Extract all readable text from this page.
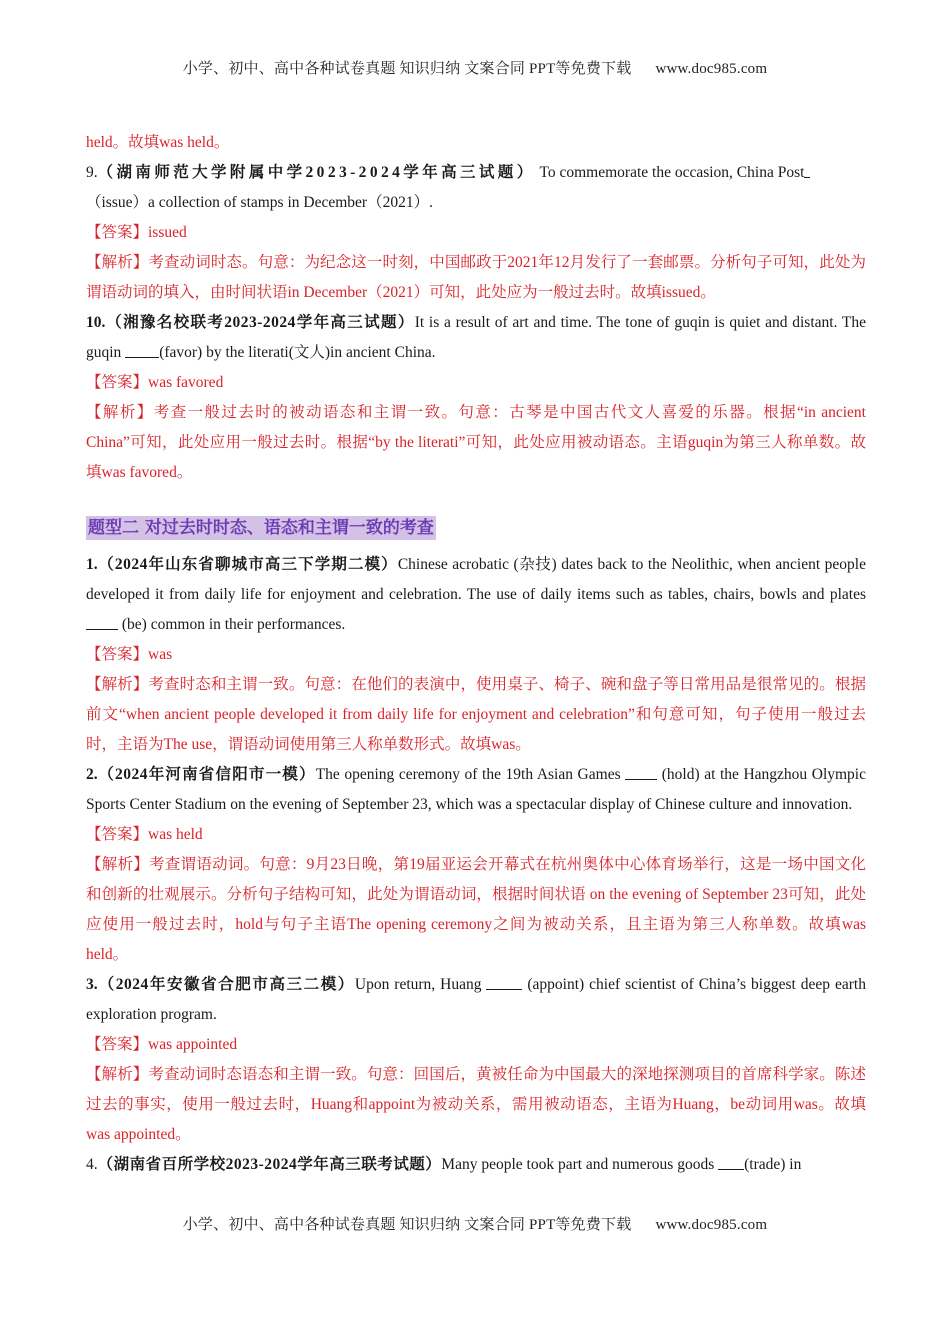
小学、初中、高中各种试卷真题 知识归纳 文案合同 PPT等免费下载 www.doc985.com

held。故填was held。

9.（湖南师范大学附属中学2023-2024学年高三试题） To commemorate the occasion, China Post
（issue）a collection of stamps in December（2021）.

【答案】issued

【解析】考查动词时态。句意：为纪念这一时刻，中国邮政于2021年12月发行了一套邮票。分析句子可知，此处为谓语动词的填入，由时间状语in December（2021）可知，此处应为一般过去时。故填issued。

10.（湘豫名校联考2023-2024学年高三试题）It is a result of art and time. The tone of guqin is quiet and distant. The guqin (favor) by the literati(文人)in ancient China.

【答案】was favored

【解析】考查一般过去时的被动语态和主谓一致。句意：古琴是中国古代文人喜爱的乐器。根据“in ancient China”可知，此处应用一般过去时。根据“by the literati”可知，此处应用被动语态。主语guqin为第三人称单数。故填was favored。

题型二 对过去时时态、语态和主谓一致的考查

1.（2024年山东省聊城市高三下学期二模）Chinese acrobatic (杂技) dates back to the Neolithic, when ancient people developed it from daily life for enjoyment and celebration. The use of daily items such as tables, chairs, bowls and plates  (be) common in their performances.

【答案】was

【解析】考查时态和主谓一致。句意：在他们的表演中，使用桌子、椅子、碗和盘子等日常用品是很常见的。根据前文“when ancient people developed it from daily life for enjoyment and celebration”和句意可知，句子使用一般过去时，主语为The use，谓语动词使用第三人称单数形式。故填was。

2.（2024年河南省信阳市一模）The opening ceremony of the 19th Asian Games  (hold) at the Hangzhou Olympic Sports Center Stadium on the evening of September 23, which was a spectacular display of Chinese culture and innovation.

【答案】was held

【解析】考查谓语动词。句意：9月23日晚，第19届亚运会开幕式在杭州奥体中心体育场举行，这是一场中国文化和创新的壮观展示。分析句子结构可知，此处为谓语动词，根据时间状语 on the evening of September 23可知，此处应使用一般过去时，hold与句子主语The opening ceremony之间为被动关系，且主语为第三人称单数。故填was held。

3.（2024年安徽省合肥市高三二模）Upon return, Huang  (appoint) chief scientist of China’s biggest deep earth exploration program.

【答案】was appointed

【解析】考查动词时态语态和主谓一致。句意：回国后，黄被任命为中国最大的深地探测项目的首席科学家。陈述过去的事实，使用一般过去时，Huang和appoint为被动关系，需用被动语态，主语为Huang，be动词用was。故填was appointed。

4.（湖南省百所学校2023-2024学年高三联考试题）Many people took part and numerous goods (trade) in

小学、初中、高中各种试卷真题 知识归纳 文案合同 PPT等免费下载 www.doc985.com
